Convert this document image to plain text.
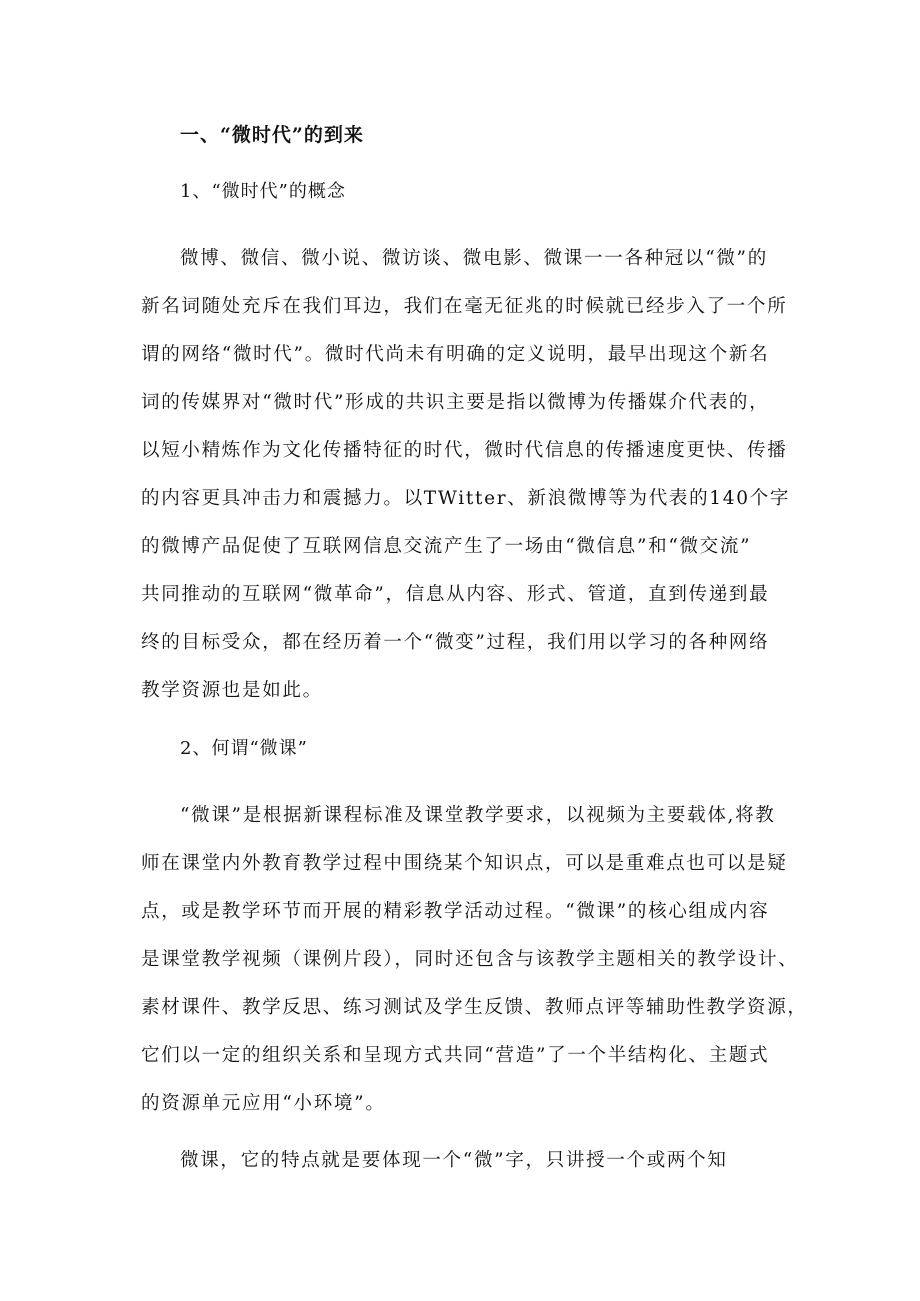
一、“微时代”的到来
1、“微时代”的概念

微博、微信、微小说、微访谈、微电影、微课一一各种冠以“微”的

新名词随处充斥在我们耳边，我们在毫无征兆的时候就已经步入了一个所

谓的网络“微时代”。微时代尚未有明确的定义说明，最早出现这个新名

词的传媒界对“微时代”形成的共识主要是指以微博为传播媒介代表的，

以短小精炼作为文化传播特征的时代，微时代信息的传播速度更快、传播

的内容更具冲击力和震撼力。以TWitter、新浪微博等为代表的140个字

的微博产品促使了互联网信息交流产生了一场由“微信息”和“微交流”

共同推动的互联网“微革命”，信息从内容、形式、管道，直到传递到最

终的目标受众，都在经历着一个“微变”过程，我们用以学习的各种网络

教学资源也是如此。

2、何谓“微课”

“微课”是根据新课程标准及课堂教学要求，以视频为主要载体,将教

师在课堂内外教育教学过程中围绕某个知识点，可以是重难点也可以是疑

点，或是教学环节而开展的精彩教学活动过程。“微课”的核心组成内容

是课堂教学视频（课例片段），同时还包含与该教学主题相关的教学设计、

素材课件、教学反思、练习测试及学生反馈、教师点评等辅助性教学资源，

它们以一定的组织关系和呈现方式共同“营造”了一个半结构化、主题式

的资源单元应用“小环境”。

微课，它的特点就是要体现一个“微”字，只讲授一个或两个知
